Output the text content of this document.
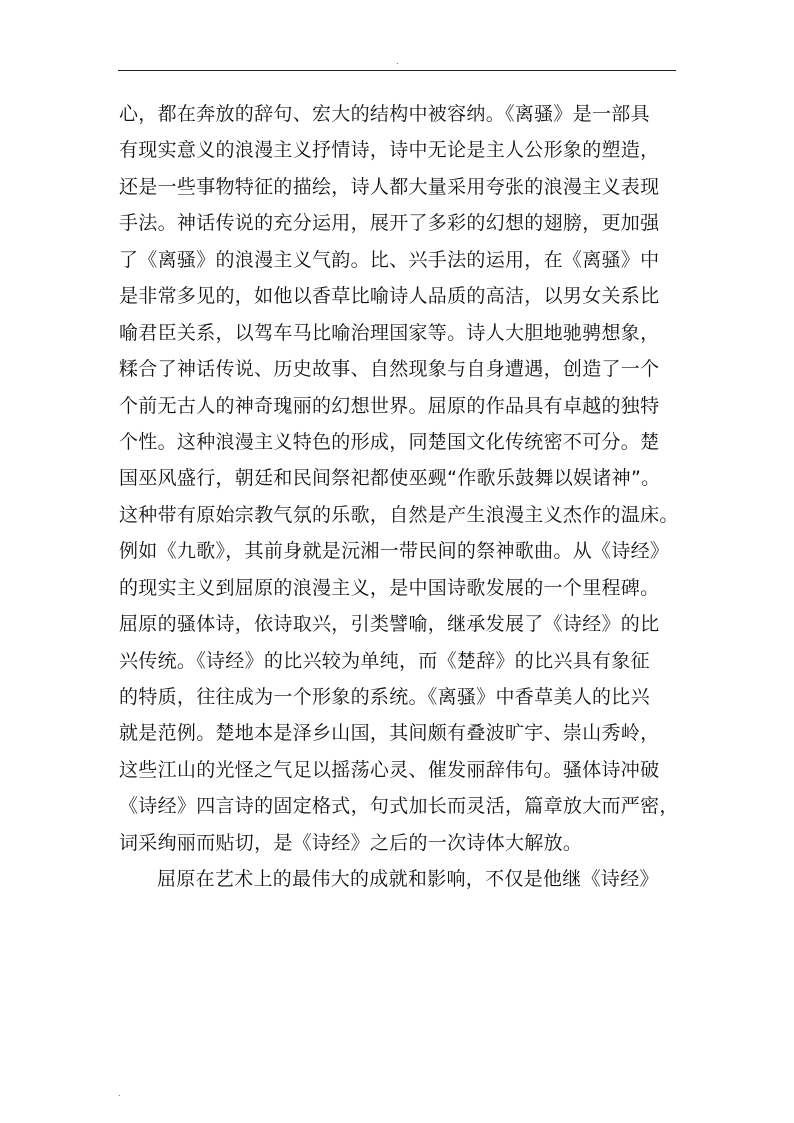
.
心，都在奔放的辞句、宏大的结构中被容纳。《离骚》是一部具
有现实意义的浪漫主义抒情诗，诗中无论是主人公形象的塑造，
还是一些事物特征的描绘，诗人都大量采用夸张的浪漫主义表现
手法。神话传说的充分运用，展开了多彩的幻想的翅膀，更加强
了《离骚》的浪漫主义气韵。比、兴手法的运用，在《离骚》中
是非常多见的，如他以香草比喻诗人品质的高洁，以男女关系比
喻君臣关系，以驾车马比喻治理国家等。诗人大胆地驰骋想象，
糅合了神话传说、历史故事、自然现象与自身遭遇，创造了一个
个前无古人的神奇瑰丽的幻想世界。屈原的作品具有卓越的独特
个性。这种浪漫主义特色的形成，同楚国文化传统密不可分。楚
国巫风盛行，朝廷和民间祭祀都使巫觋“作歌乐鼓舞以娱诸神”。
这种带有原始宗教气氛的乐歌，自然是产生浪漫主义杰作的温床。
例如《九歌》，其前身就是沅湘一带民间的祭神歌曲。从《诗经》
的现实主义到屈原的浪漫主义，是中国诗歌发展的一个里程碑。
屈原的骚体诗，依诗取兴，引类譬喻，继承发展了《诗经》的比
兴传统。《诗经》的比兴较为单纯，而《楚辞》的比兴具有象征
的特质，往往成为一个形象的系统。《离骚》中香草美人的比兴
就是范例。楚地本是泽乡山国，其间颇有叠波旷宇、崇山秀岭，
这些江山的光怪之气足以摇荡心灵、催发丽辞伟句。骚体诗冲破
《诗经》四言诗的固定格式，句式加长而灵活，篇章放大而严密，
词采绚丽而贴切，是《诗经》之后的一次诗体大解放。
屈原在艺术上的最伟大的成就和影响，不仅是他继《诗经》
.
